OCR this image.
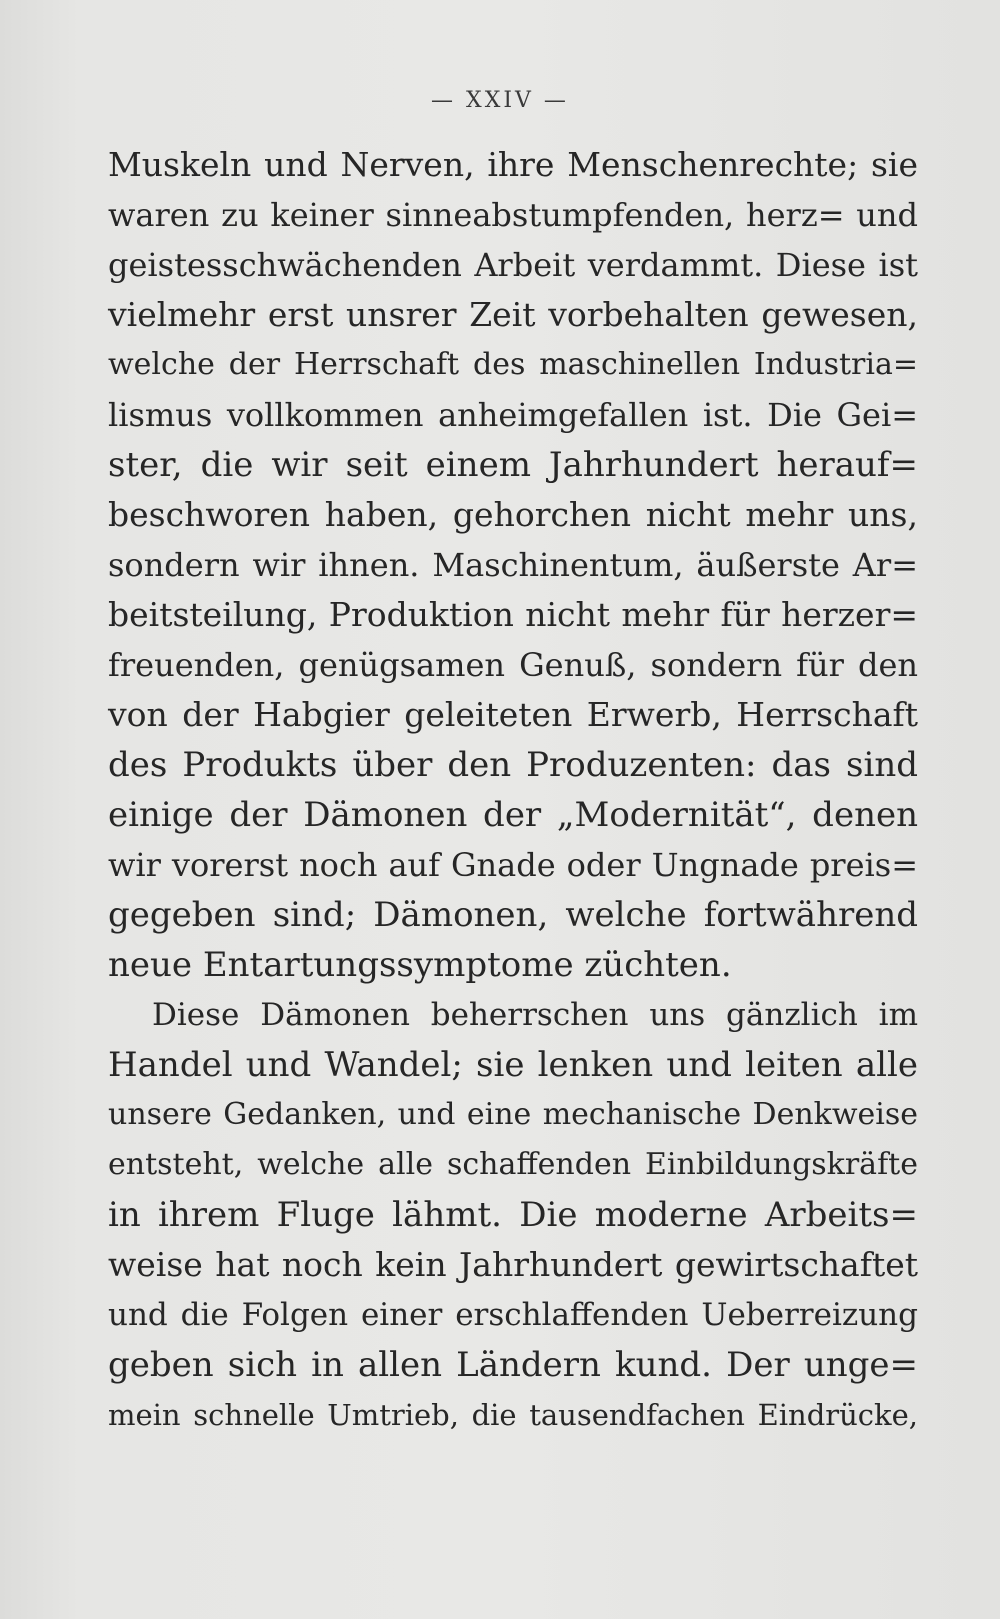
— XXIV —
Muskeln und Nerven, ihre Menschenrechte; sie
waren zu keiner sinneabstumpfenden, herz= und
geistesschwächenden Arbeit verdammt. Diese ist
vielmehr erst unsrer Zeit vorbehalten gewesen,
welche der Herrschaft des maschinellen Industria=
lismus vollkommen anheimgefallen ist. Die Gei=
ster, die wir seit einem Jahrhundert herauf=
beschworen haben, gehorchen nicht mehr uns,
sondern wir ihnen. Maschinentum, äußerste Ar=
beitsteilung, Produktion nicht mehr für herzer=
freuenden, genügsamen Genuß, sondern für den
von der Habgier geleiteten Erwerb, Herrschaft
des Produkts über den Produzenten: das sind
einige der Dämonen der „Modernität“, denen
wir vorerst noch auf Gnade oder Ungnade preis=
gegeben sind; Dämonen, welche fortwährend
neue Entartungssymptome züchten.
Diese Dämonen beherrschen uns gänzlich im
Handel und Wandel; sie lenken und leiten alle
unsere Gedanken, und eine mechanische Denkweise
entsteht, welche alle schaffenden Einbildungskräfte
in ihrem Fluge lähmt. Die moderne Arbeits=
weise hat noch kein Jahrhundert gewirtschaftet
und die Folgen einer erschlaffenden Ueberreizung
geben sich in allen Ländern kund. Der unge=
mein schnelle Umtrieb, die tausendfachen Eindrücke,
